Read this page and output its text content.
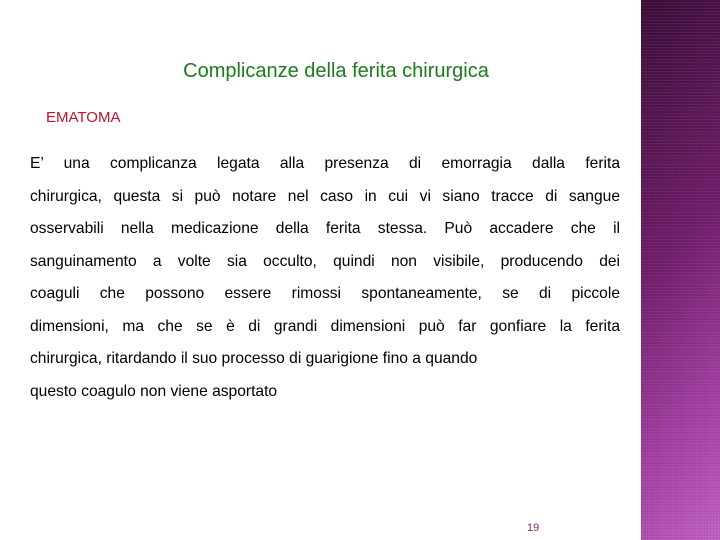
Complicanze della ferita chirurgica
EMATOMA
E’ una complicanza legata alla presenza di emorragia dalla ferita
chirurgica, questa si può notare nel caso in cui vi siano tracce di sangue
osservabili nella medicazione della ferita stessa. Può accadere che il
sanguinamento a volte sia occulto, quindi non visibile, producendo dei
coaguli che possono essere rimossi spontaneamente, se di piccole
dimensioni, ma che se è di grandi dimensioni può far gonfiare la ferita
chirurgica, ritardando il suo processo di guarigione fino a quando
questo coagulo non viene asportato
19
